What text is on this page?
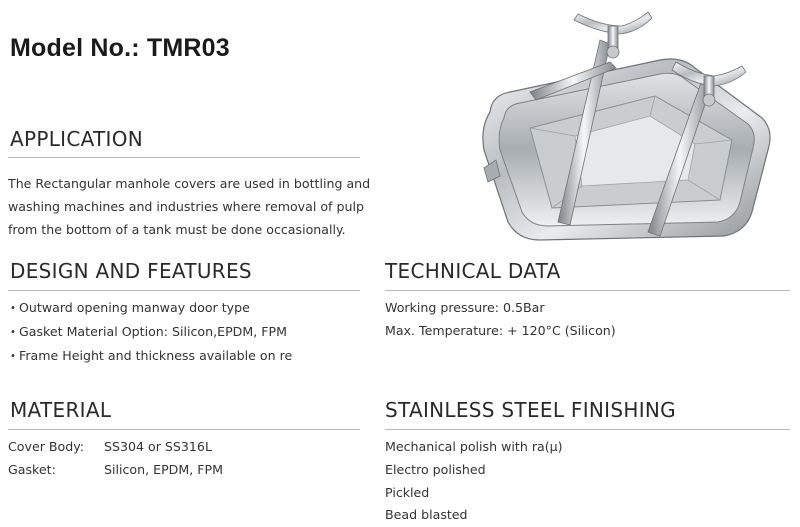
Model No.: TMR03
APPLICATION
The Rectangular manhole covers are used in bottling and
washing machines and industries where removal of pulp
from the bottom of a tank must be done occasionally.
DESIGN AND FEATURES
• Outward opening manway door type
• Gasket Material Option: Silicon,EPDM, FPM
• Frame Height and thickness available on re
TECHNICAL DATA
Working pressure: 0.5Bar
Max. Temperature: + 120°C (Silicon)
MATERIAL
Cover Body:	SS304 or SS316L
Gasket:	Silicon, EPDM, FPM
STAINLESS STEEL FINISHING
Mechanical polish with ra(µ)
Electro polished
Pickled
Bead blasted
